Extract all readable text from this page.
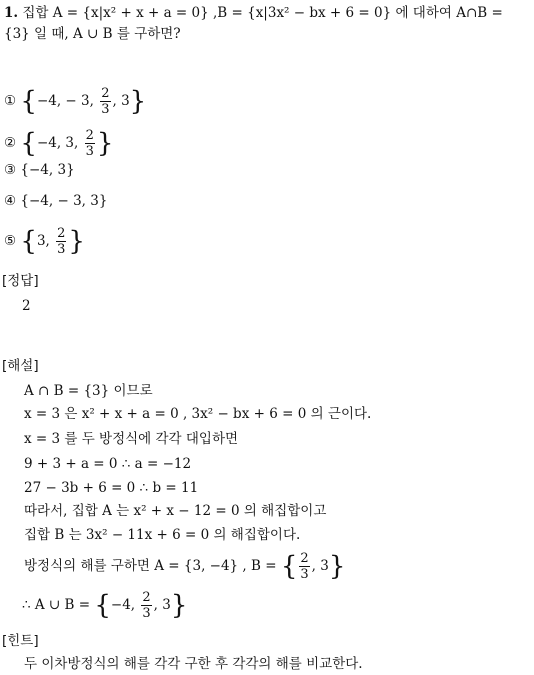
1. 집합 A = {x|x² + x + a = 0} ,B = {x|3x² − bx + 6 = 0} 에 대하여 A∩B =
{3} 일 때, A ∪ B 를 구하면?
① {−4, − 3, $\frac{2}{3}$ , 3}
② {−4, 3, $\frac{2}{3}$ }
③ {−4, 3}
④ {−4, − 3, 3}
⑤ {3, $\frac{2}{3}$ }
[정답]
2
[해설]
A ∩ B = {3} 이므로
x = 3 은 x² + x + a = 0 , 3x² − bx + 6 = 0 의 근이다.
x = 3 를 두 방정식에 각각 대입하면
9 + 3 + a = 0 ∴ a = −12
27 − 3b + 6 = 0 ∴ b = 11
따라서, 집합 A 는 x² + x − 12 = 0 의 해집합이고
집합 B 는 3x² − 11x + 6 = 0 의 해집합이다.
방정식의 해를 구하면 A = {3, −4} , B = { $\frac{2}{3}$ , 3}
∴ A ∪ B = {−4, $\frac{2}{3}$ , 3}
[힌트]
두 이차방정식의 해를 각각 구한 후 각각의 해를 비교한다.
